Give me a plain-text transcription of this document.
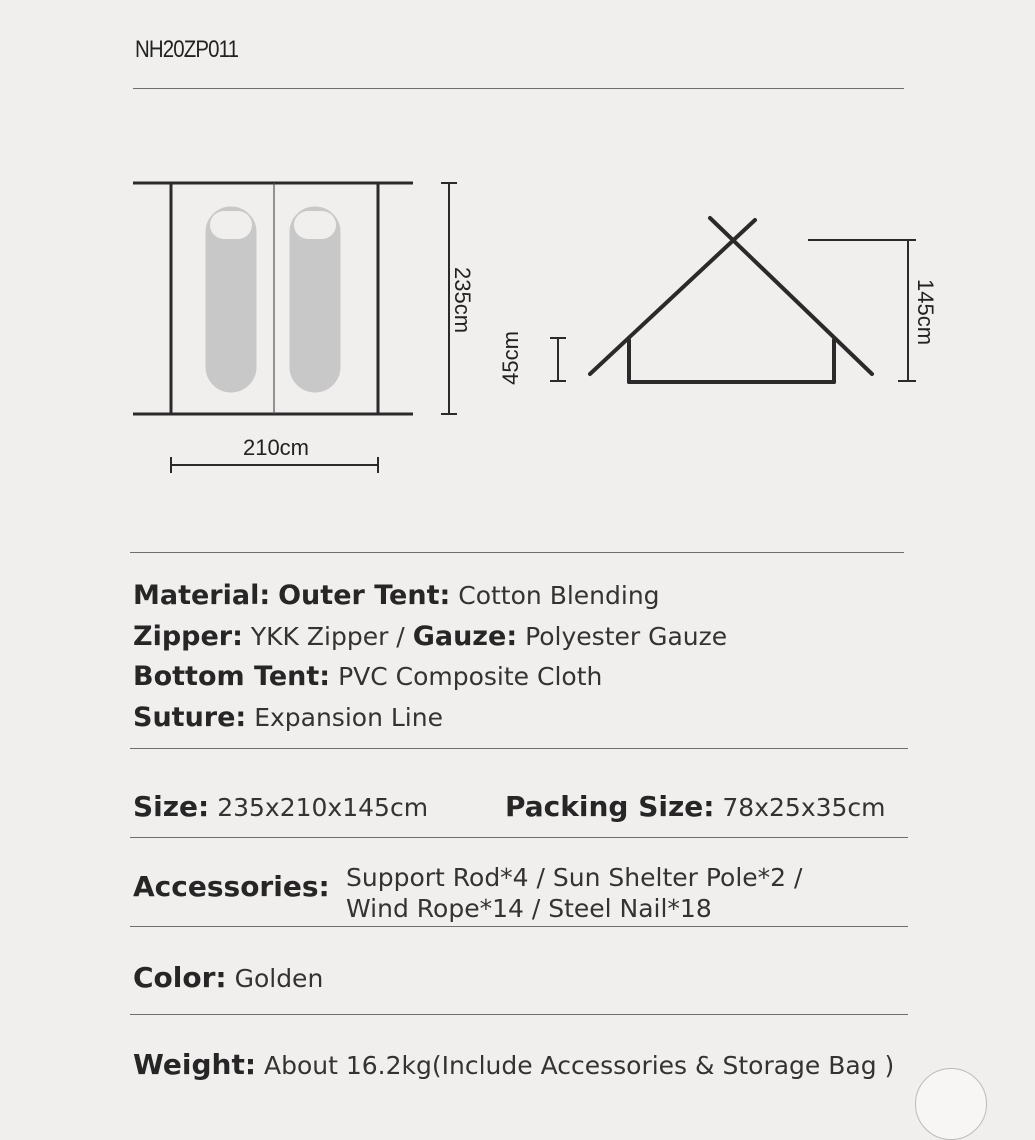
NH20ZP011
235cm
210cm
45cm
145cm
Material: Outer Tent: Cotton Blending
Zipper: YKK Zipper / Gauze: Polyester Gauze
Bottom Tent: PVC Composite Cloth
Suture: Expansion Line
Size: 235x210x145cm	Packing Size: 78x25x35cm
Accessories: Support Rod*4 / Sun Shelter Pole*2 /
Wind Rope*14 / Steel Nail*18
Color: Golden
Weight: About 16.2kg(Include Accessories & Storage Bag )
